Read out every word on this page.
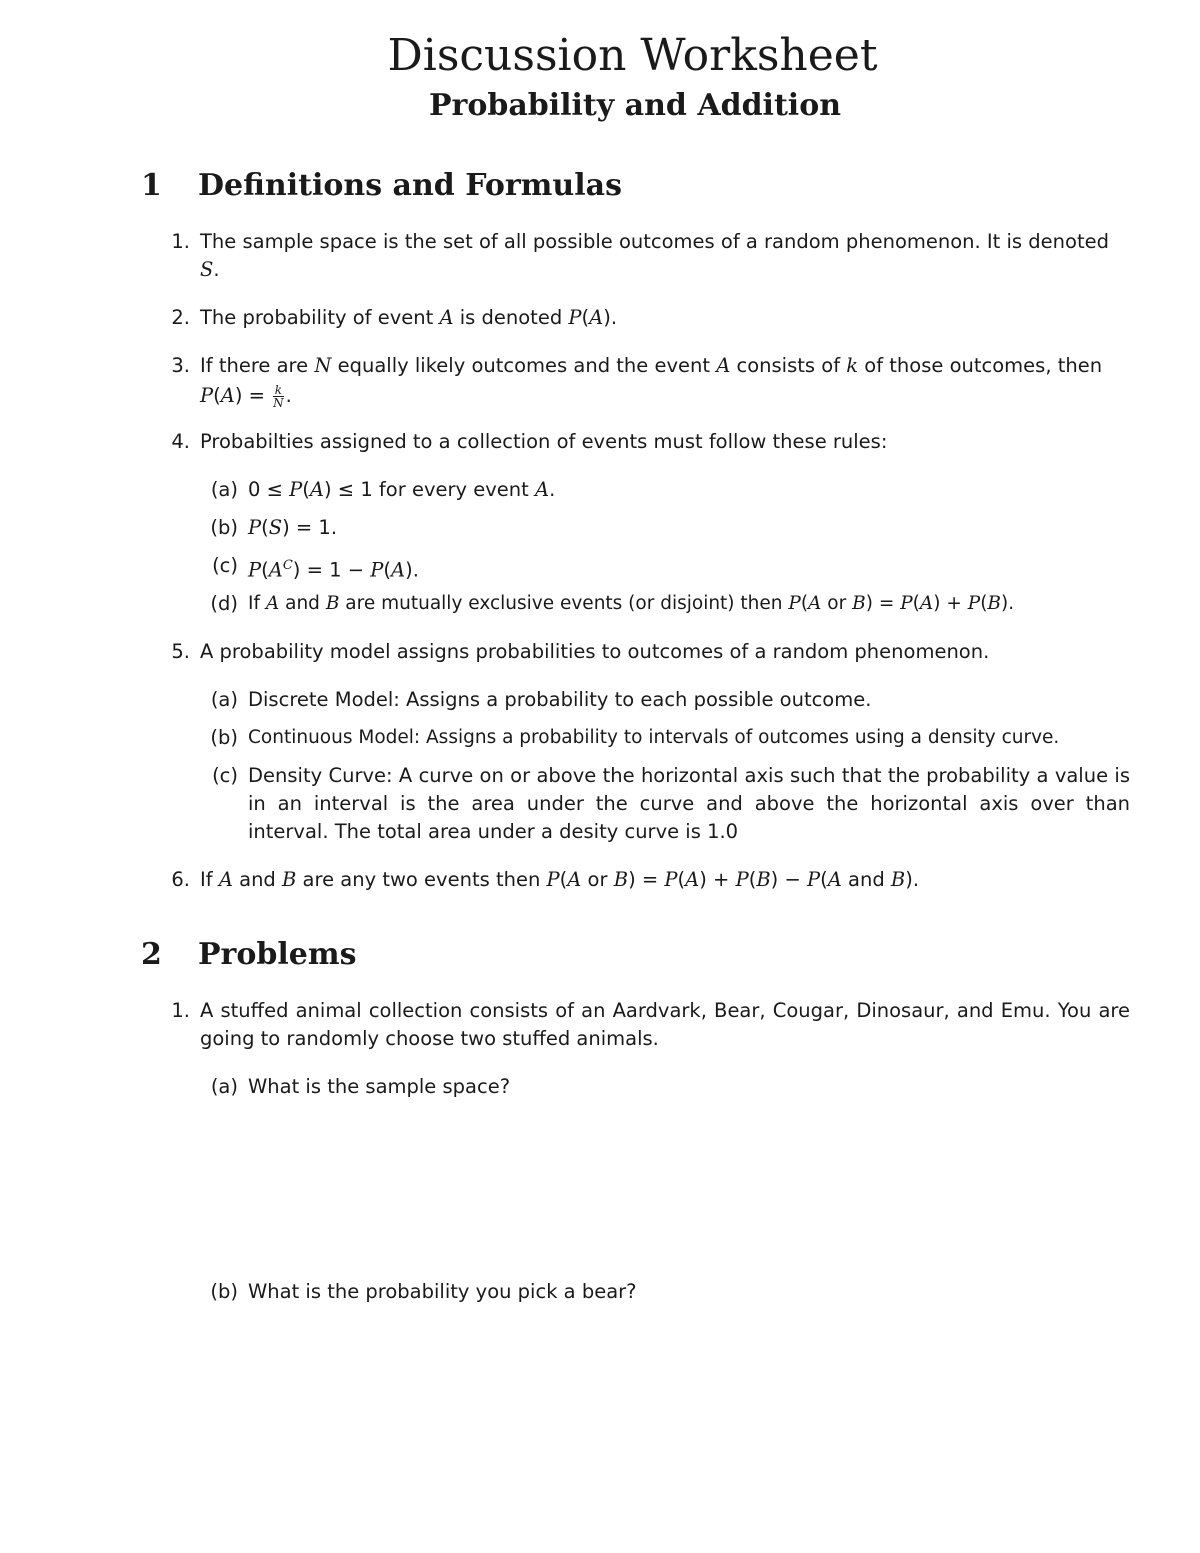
Discussion Worksheet
Probability and Addition
1 Definitions and Formulas
1. The sample space is the set of all possible outcomes of a random phenomenon. It is denoted
S.
2. The probability of event A is denoted P(A).
3. If there are N equally likely outcomes and the event A consists of k of those outcomes, then
$P(A) = \frac{k}{N}$ .
4. Probabilties assigned to a collection of events must follow these rules:
(a) 0 ≤ P(A) ≤ 1 for every event A.
(b) P(S) = 1.
(c) $P(A^C) = 1 - P(A)$.
(d) If A and B are mutually exclusive events (or disjoint) then P(A or B) = P(A) + P(B).
5. A probability model assigns probabilities to outcomes of a random phenomenon.
(a) Discrete Model: Assigns a probability to each possible outcome.
(b) Continuous Model: Assigns a probability to intervals of outcomes using a density curve.
(c) Density Curve: A curve on or above the horizontal axis such that the probability a value is in an interval is the area under the curve and above the horizontal axis over than interval. The total area under a desity curve is 1.0
6. If A and B are any two events then P(A or B) = P(A) + P(B) − P(A and B).
2 Problems
1. A stuffed animal collection consists of an Aardvark, Bear, Cougar, Dinosaur, and Emu. You are going to randomly choose two stuffed animals.
(a) What is the sample space?
(b) What is the probability you pick a bear?
